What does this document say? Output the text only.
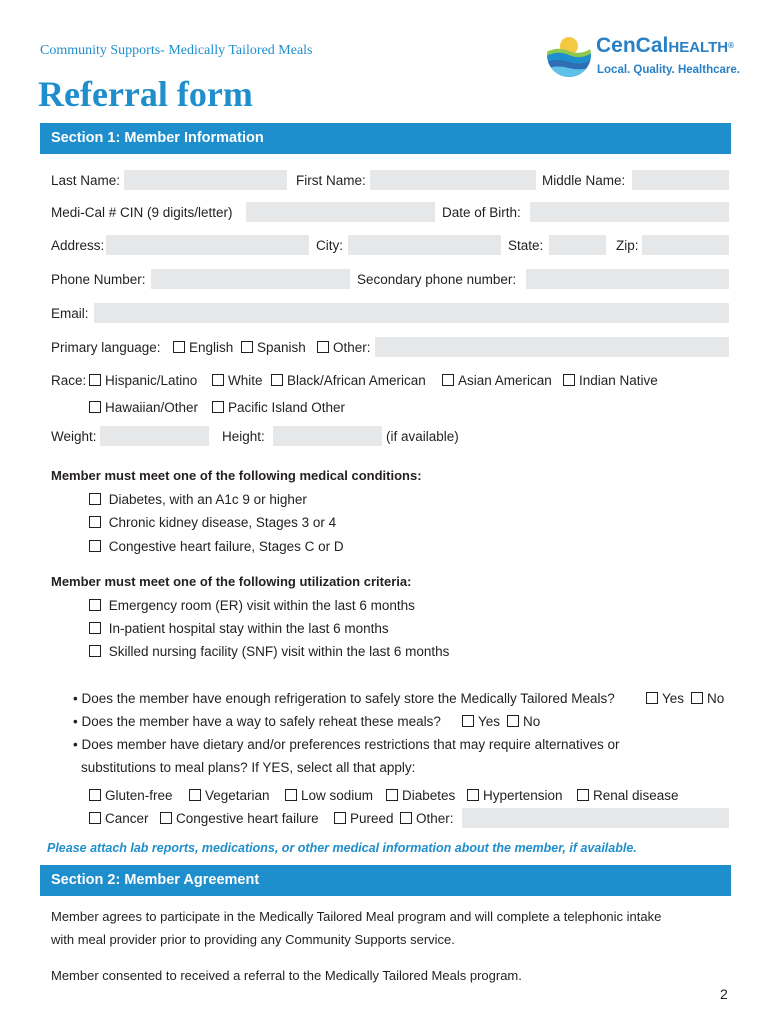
Community Supports- Medically Tailored Meals
Referral form
CenCalHEALTH®
Local. Quality. Healthcare.
Section 1: Member Information
Last Name:	First Name:	Middle Name:
Medi-Cal # CIN (9 digits/letter)	Date of Birth:
Address:	City:	State:	Zip:
Phone Number:	Secondary phone number:
Email:
Primary language:	English	Spanish	Other:
Race:	Hispanic/Latino	White	Black/African American	Asian American	Indian Native
Hawaiian/Other	Pacific Island Other
Weight:	Height:	(if available)
Member must meet one of the following medical conditions:
Diabetes, with an A1c 9 or higher
Chronic kidney disease, Stages 3 or 4
Congestive heart failure, Stages C or D
Member must meet one of the following utilization criteria:
Emergency room (ER) visit within the last 6 months
In-patient hospital stay within the last 6 months
Skilled nursing facility (SNF) visit within the last 6 months
• Does the member have enough refrigeration to safely store the Medically Tailored Meals?	Yes	No
• Does the member have a way to safely reheat these meals?	Yes	No
• Does member have dietary and/or preferences restrictions that may require alternatives or
substitutions to meal plans? If YES, select all that apply:
Gluten-free	Vegetarian	Low sodium	Diabetes	Hypertension	Renal disease
Cancer	Congestive heart failure	Pureed	Other:
Please attach lab reports, medications, or other medical information about the member, if available.
Section 2: Member Agreement
Member agrees to participate in the Medically Tailored Meal program and will complete a telephonic intake
with meal provider prior to providing any Community Supports service.
Member consented to received a referral to the Medically Tailored Meals program.
2
